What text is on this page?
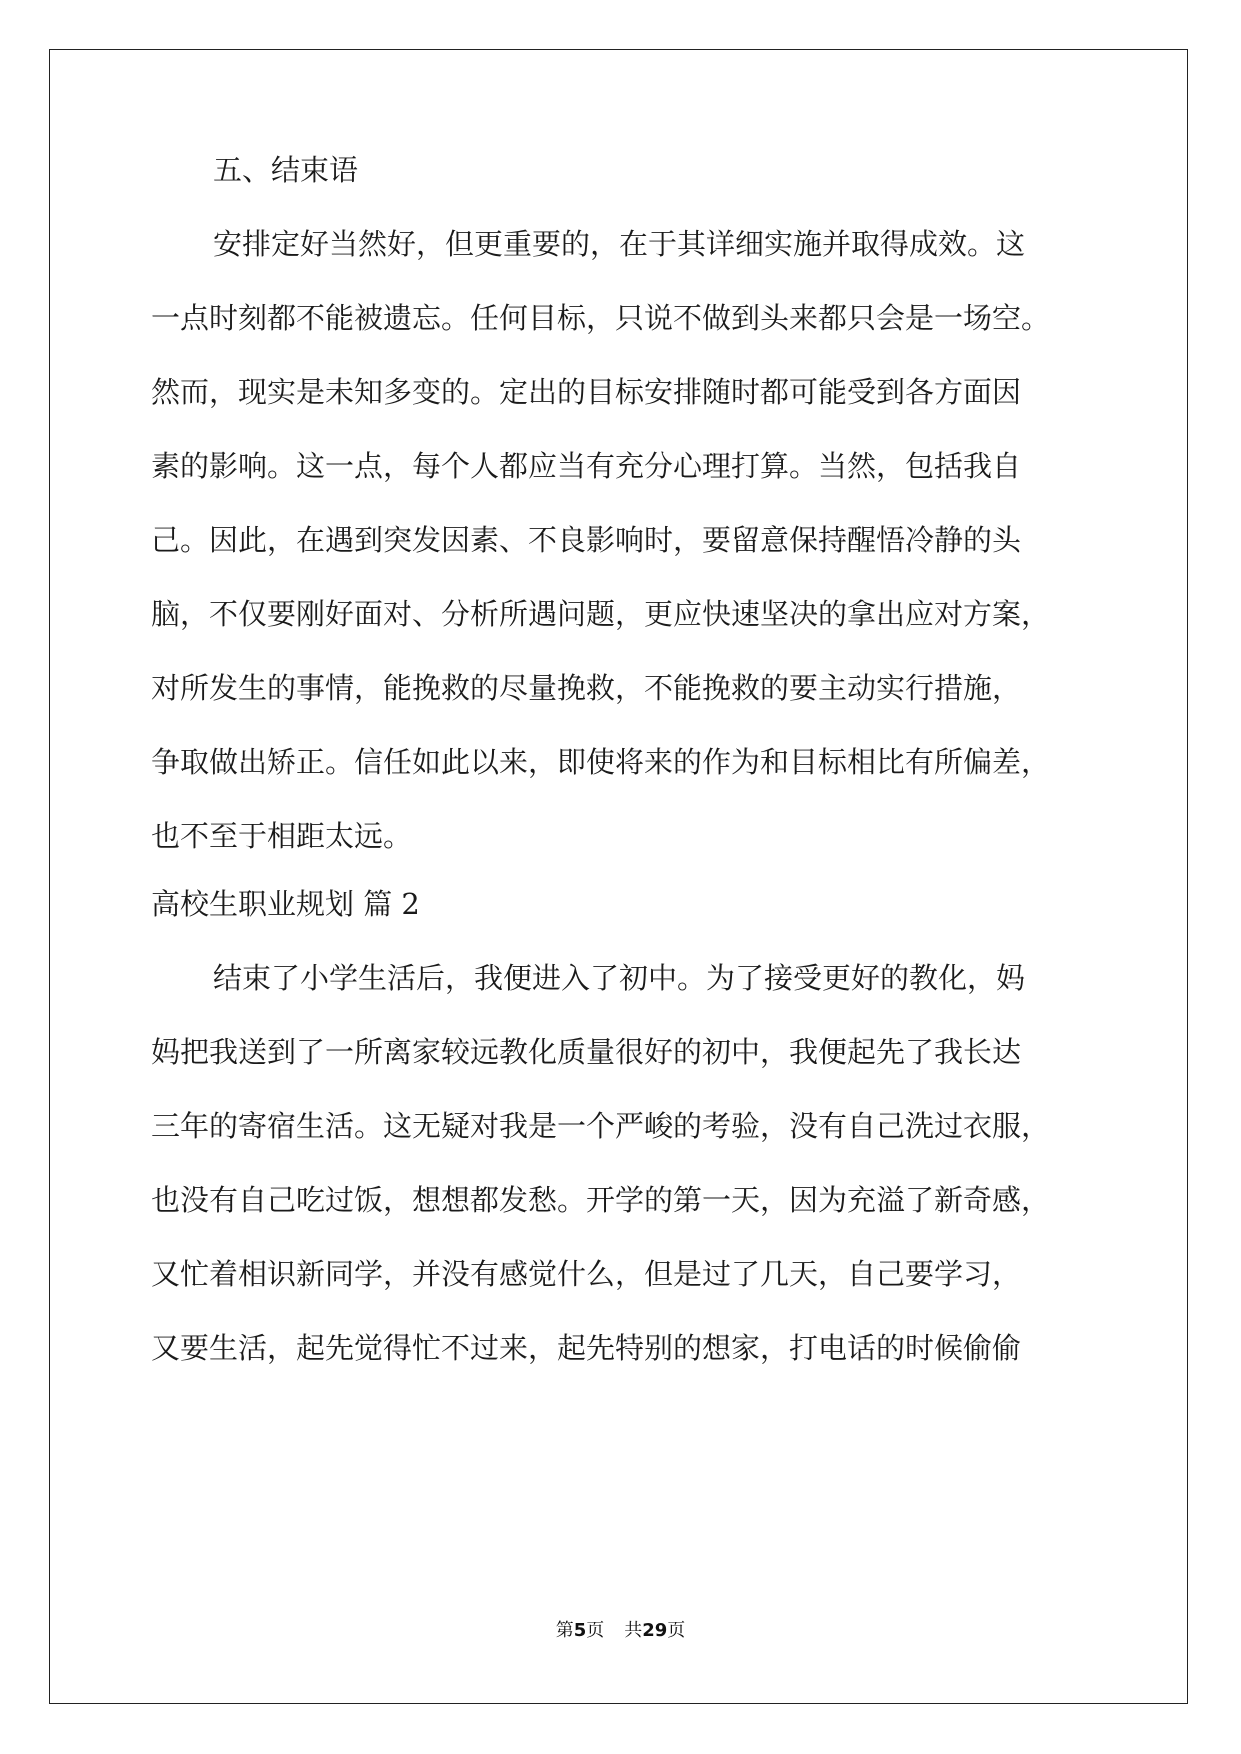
五、结束语
安排定好当然好，但更重要的，在于其详细实施并取得成效。这
一点时刻都不能被遗忘。任何目标，只说不做到头来都只会是一场空。
然而，现实是未知多变的。定出的目标安排随时都可能受到各方面因
素的影响。这一点，每个人都应当有充分心理打算。当然，包括我自
己。因此，在遇到突发因素、不良影响时，要留意保持醒悟冷静的头
脑，不仅要刚好面对、分析所遇问题，更应快速坚决的拿出应对方案，
对所发生的事情，能挽救的尽量挽救，不能挽救的要主动实行措施，
争取做出矫正。信任如此以来，即使将来的作为和目标相比有所偏差，
也不至于相距太远。
高校生职业规划 篇 2
结束了小学生活后，我便进入了初中。为了接受更好的教化，妈
妈把我送到了一所离家较远教化质量很好的初中，我便起先了我长达
三年的寄宿生活。这无疑对我是一个严峻的考验，没有自己洗过衣服，
也没有自己吃过饭，想想都发愁。开学的第一天，因为充溢了新奇感，
又忙着相识新同学，并没有感觉什么，但是过了几天，自己要学习，
又要生活，起先觉得忙不过来，起先特别的想家，打电话的时候偷偷
第5页 共29页
